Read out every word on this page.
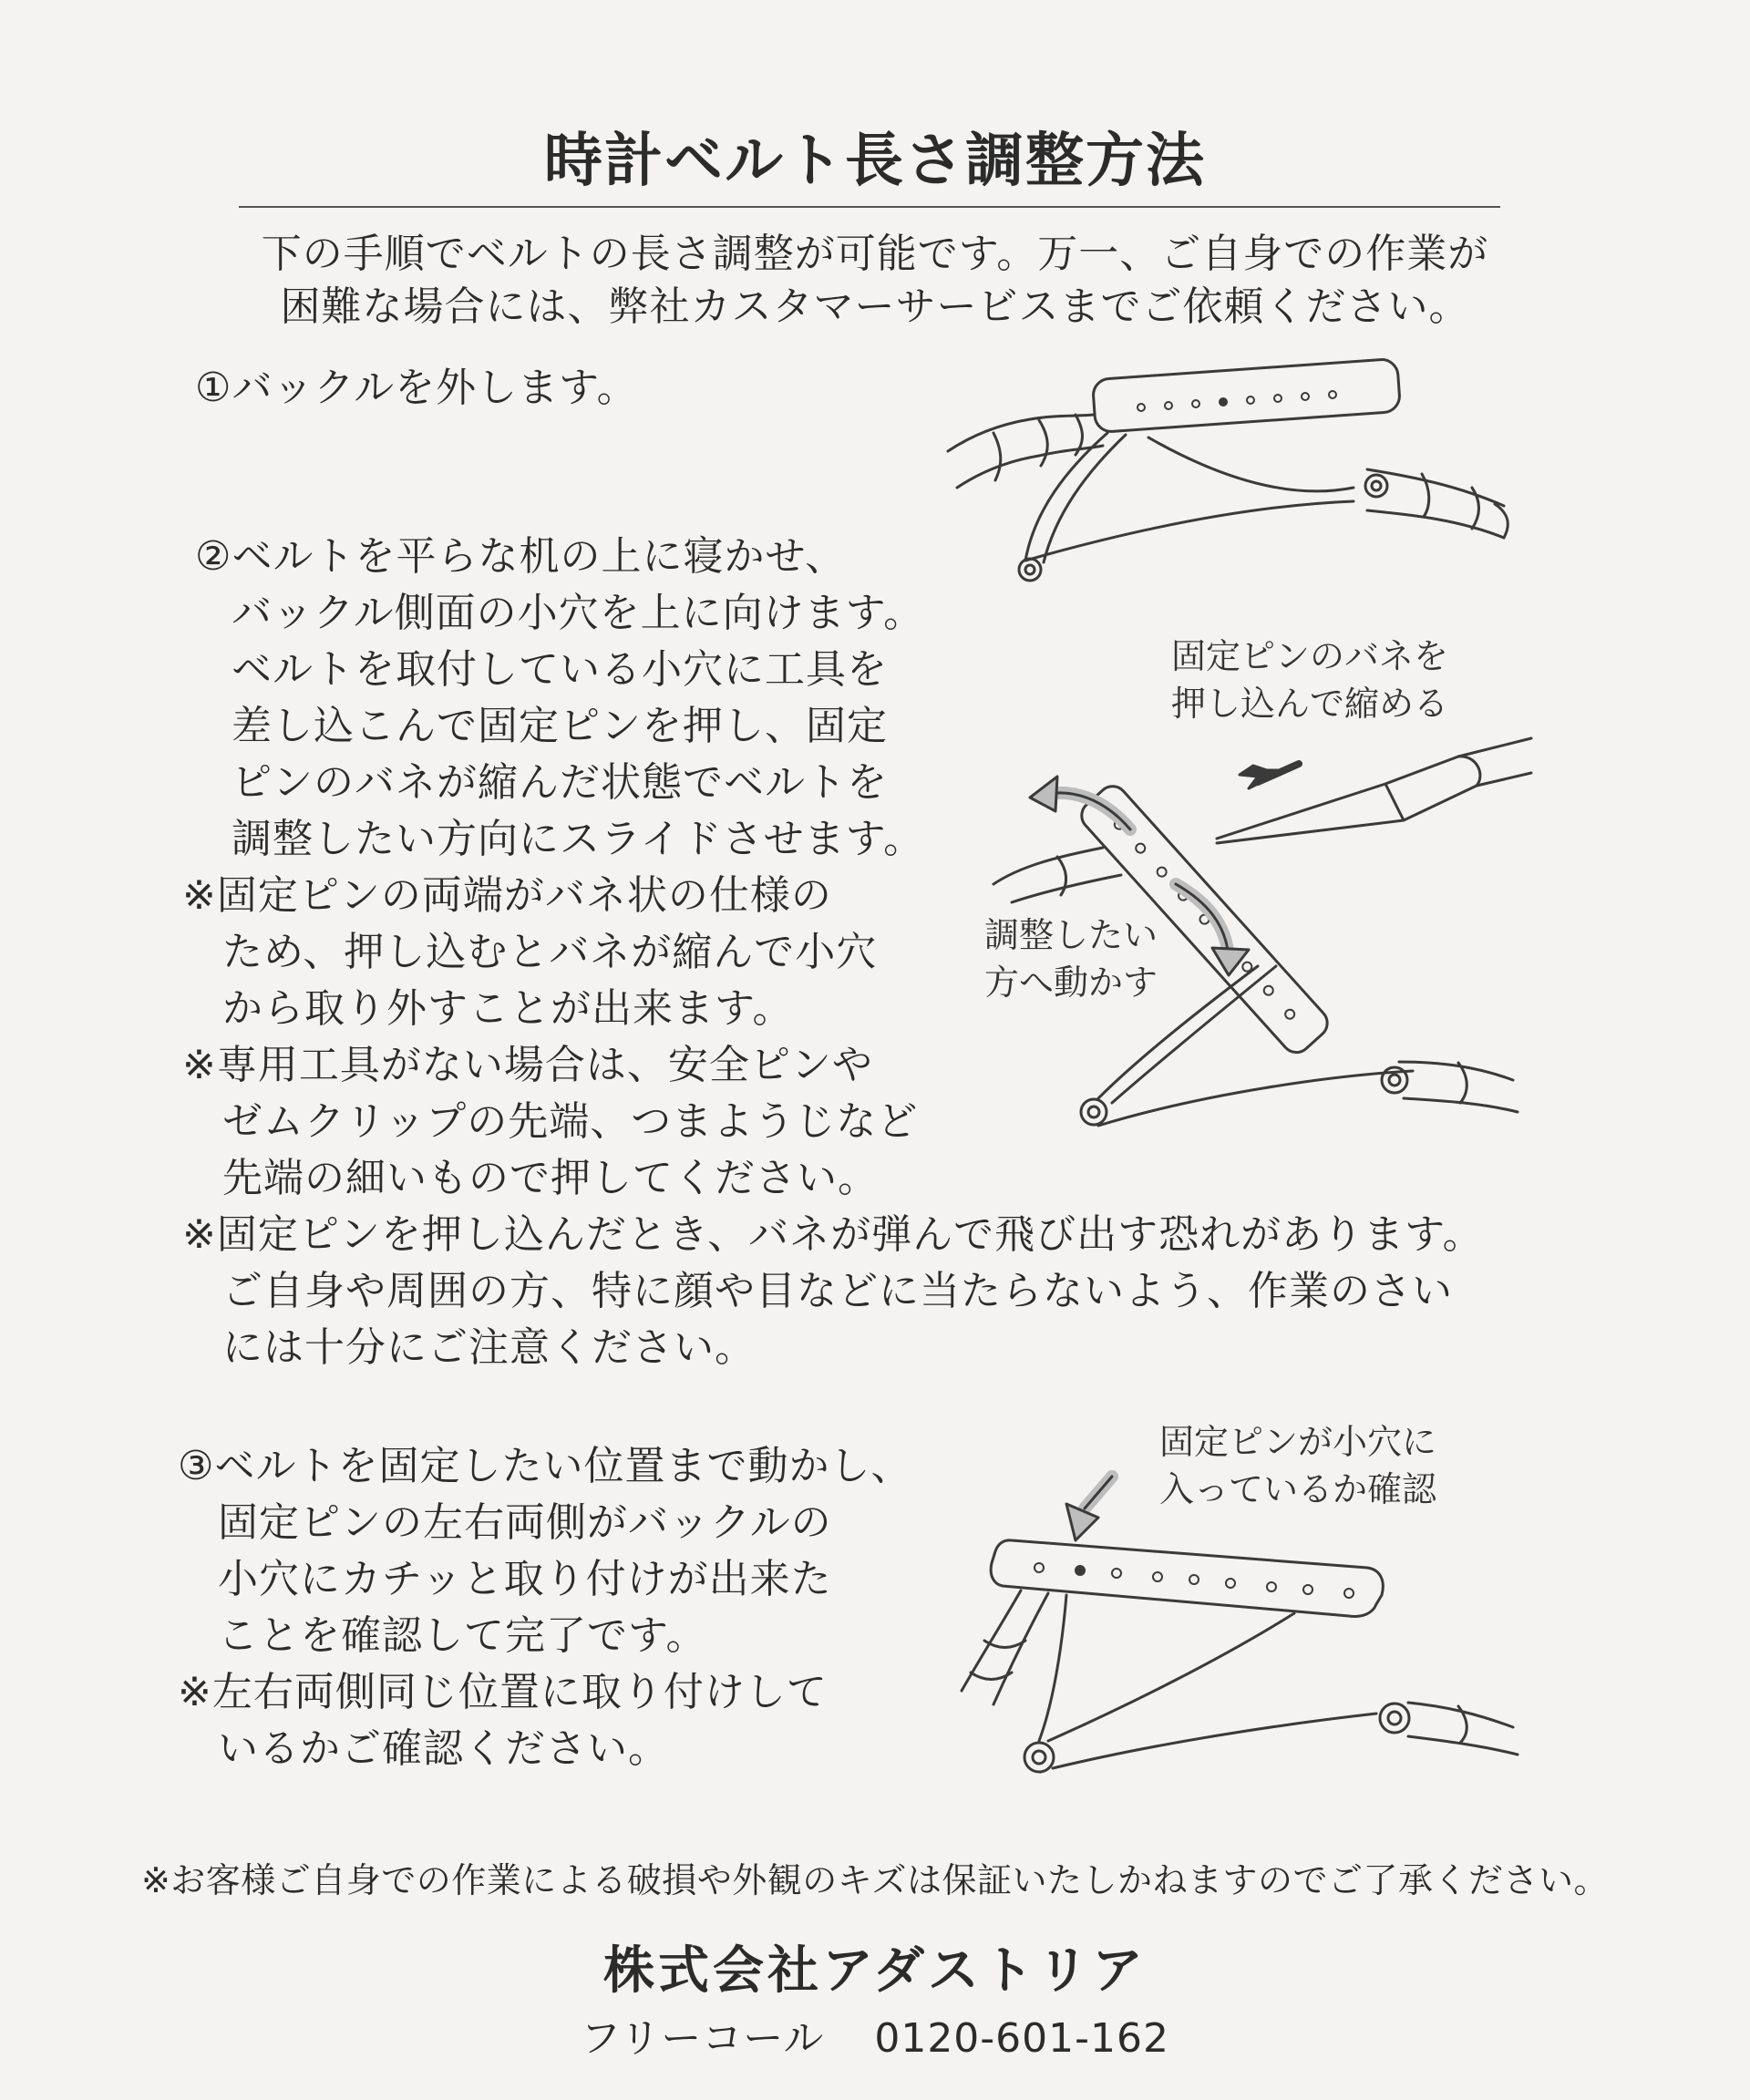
時計ベルト長さ調整方法
下の手順でベルトの長さ調整が可能です。万一、ご自身での作業が
困難な場合には、弊社カスタマーサービスまでご依頼ください。
①バックルを外します。
②ベルトを平らな机の上に寝かせ、
バックル側面の小穴を上に向けます。
ベルトを取付している小穴に工具を
差し込こんで固定ピンを押し、固定
ピンのバネが縮んだ状態でベルトを
調整したい方向にスライドさせます。
※固定ピンの両端がバネ状の仕様の
ため、押し込むとバネが縮んで小穴
から取り外すことが出来ます。
※専用工具がない場合は、安全ピンや
ゼムクリップの先端、つまようじなど
先端の細いもので押してください。
※固定ピンを押し込んだとき、バネが弾んで飛び出す恐れがあります。
ご自身や周囲の方、特に顔や目などに当たらないよう、作業のさい
には十分にご注意ください。
固定ピンのバネを
押し込んで縮める
調整したい
方へ動かす
③ベルトを固定したい位置まで動かし、
固定ピンの左右両側がバックルの
小穴にカチッと取り付けが出来た
ことを確認して完了です。
※左右両側同じ位置に取り付けして
いるかご確認ください。
固定ピンが小穴に
入っているか確認
※お客様ご自身での作業による破損や外観のキズは保証いたしかねますのでご了承ください。
株式会社アダストリア
フリーコール 0120-601-162
